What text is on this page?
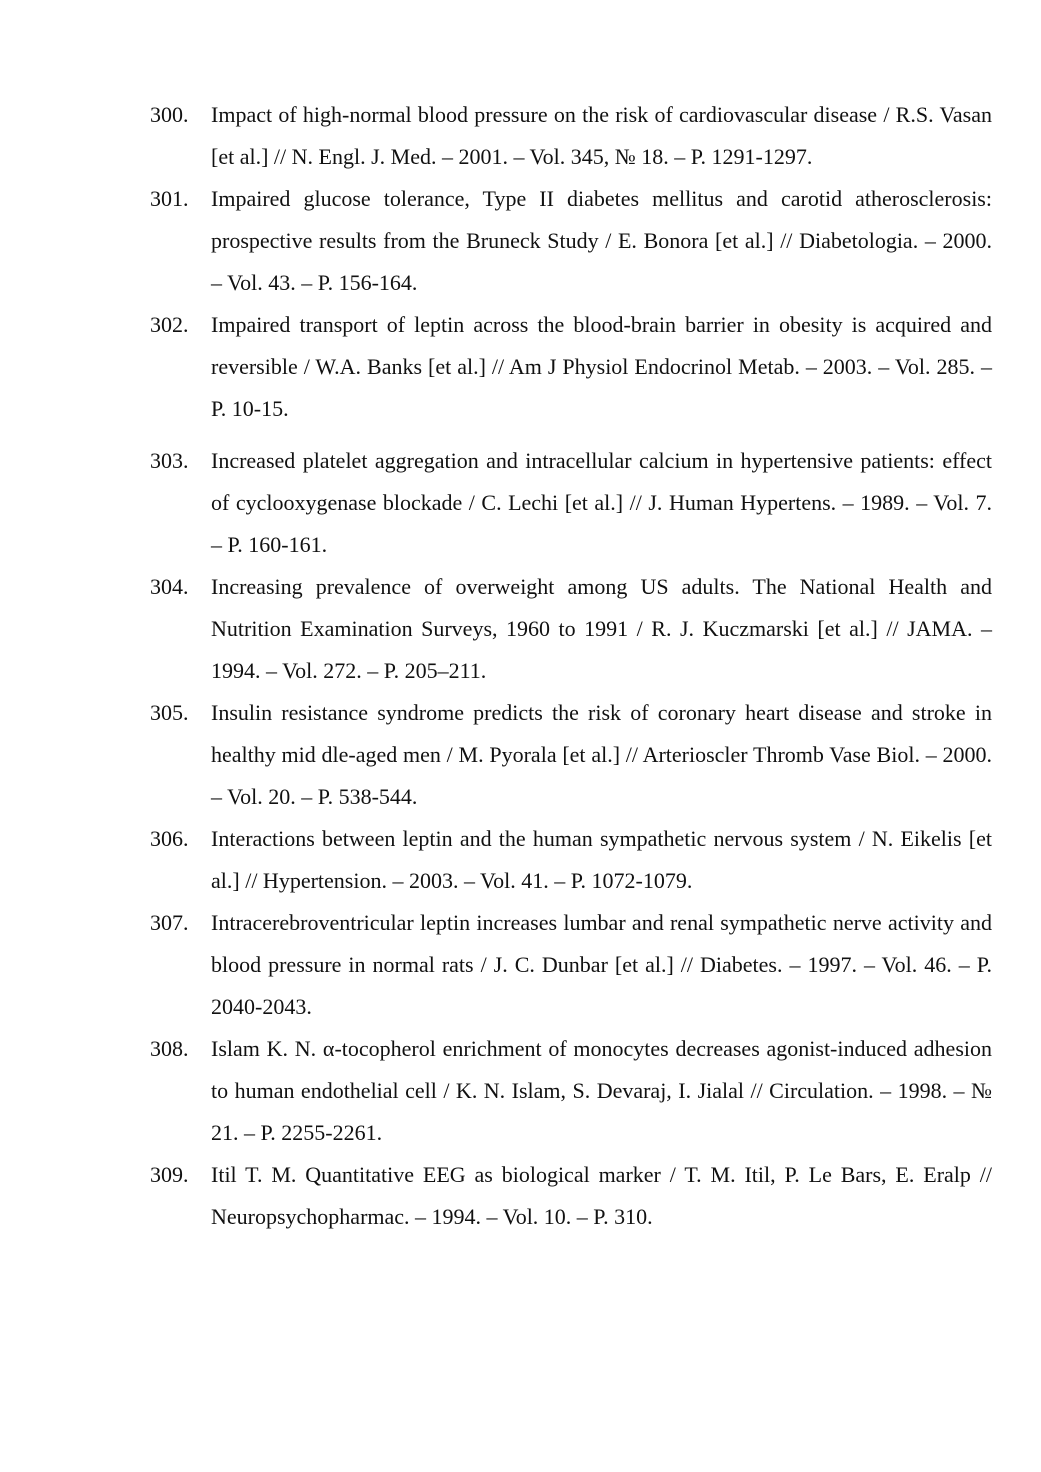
300.	Impact of high-normal blood pressure on the risk of cardiovascular disease / R.S. Vasan [et al.] // N. Engl. J. Med. – 2001. – Vol. 345, № 18. – P. 1291-1297.
301.	Impaired glucose tolerance, Type II diabetes mellitus and carotid atherosclerosis: prospective results from the Bruneck Study / E. Bonora [et al.] // Diabetologia. – 2000. – Vol. 43. – P. 156-164.
302.	Impaired transport of leptin across the blood-brain barrier in obesity is acquired and reversible / W.A. Banks [et al.] // Am J Physiol Endocrinol Metab. – 2003. – Vol. 285. – P. 10-15.
303.	Increased platelet aggregation and intracellular calcium in hypertensive patients: effect of cyclooxygenase blockade / C. Lechi [et al.] // J. Human Hypertens. – 1989. – Vol. 7. – P. 160-161.
304.	Increasing prevalence of overweight among US adults. The National Health and Nutrition Examination Surveys, 1960 to 1991 / R. J. Kuczmarski [et al.] // JAMA. – 1994. – Vol. 272. – P. 205–211.
305.	Insulin resistance syndrome predicts the risk of coronary heart disease and stroke in healthy mid dle-aged men / M. Pyorala [et al.] // Arterioscler Thromb Vase Biol. – 2000. – Vol. 20. – P. 538-544.
306.	Interactions between leptin and the human sympathetic nervous system / N. Eikelis [et al.] // Hypertension. – 2003. – Vol. 41. – P. 1072-1079.
307.	Intracerebroventricular leptin increases lumbar and renal sympathetic nerve activity and blood pressure in normal rats / J. C. Dunbar [et al.] // Diabetes. – 1997. – Vol. 46. – P. 2040-2043.
308.	Islam K. N. α-tocopherol enrichment of monocytes decreases agonist-induced adhesion to human endothelial cell / K. N. Islam, S. Devaraj, I. Jialal // Circulation. – 1998. – № 21. – P. 2255-2261.
309.	Itil T. M. Quantitative EEG as biological marker / T. M. Itil, P. Le Bars, E. Eralp // Neuropsychopharmac. – 1994. – Vol. 10. – P. 310.
